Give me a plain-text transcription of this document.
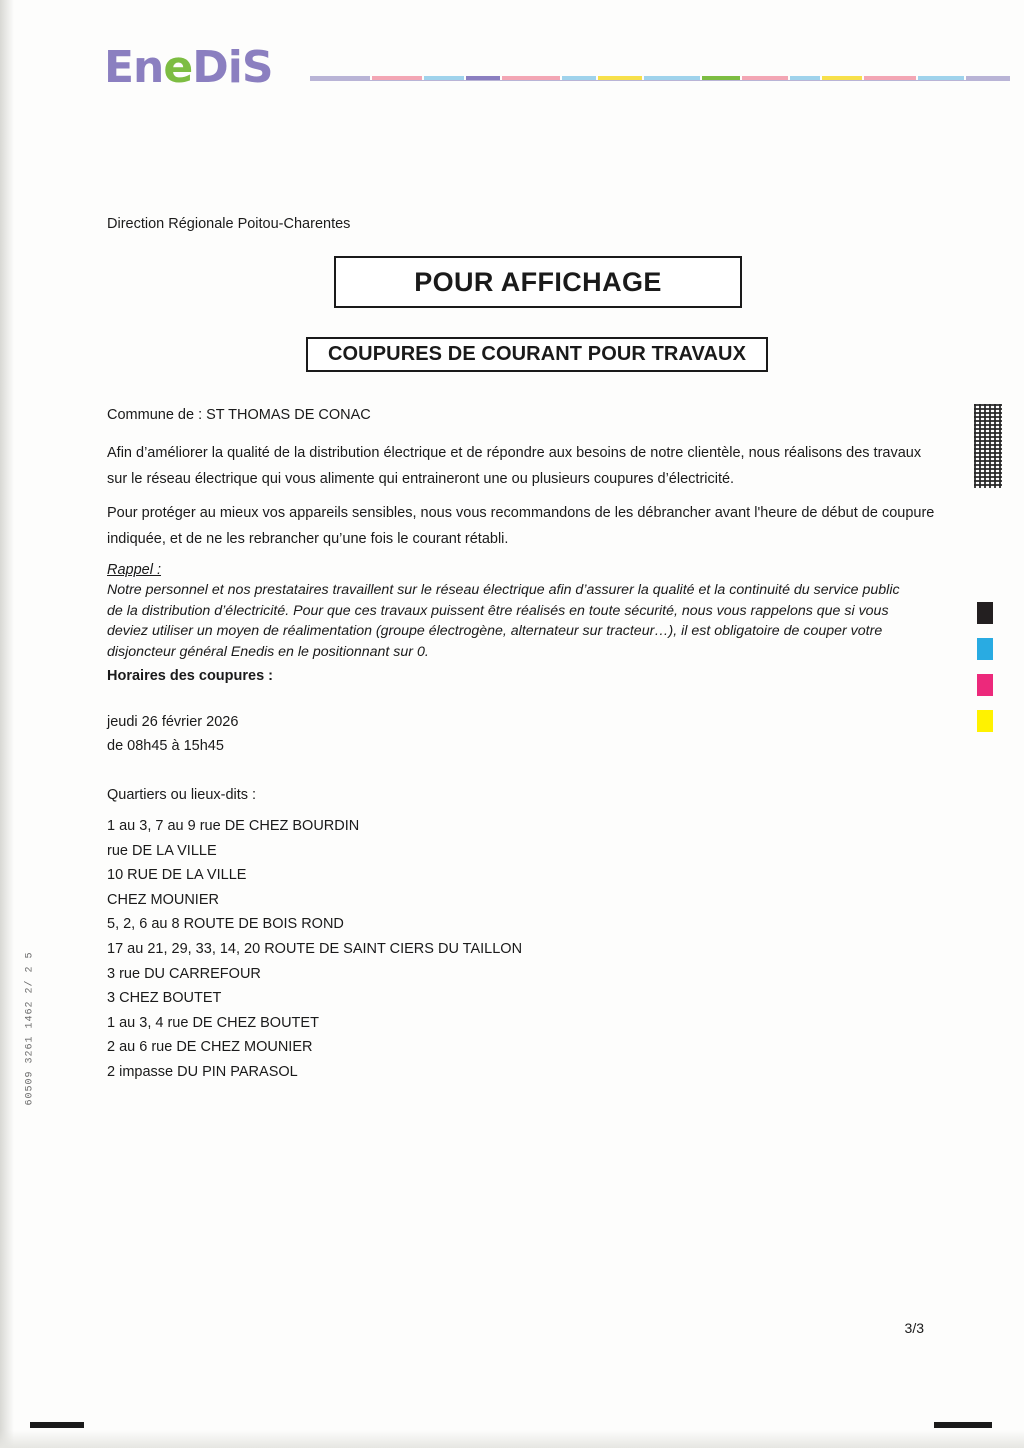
EneDiS
Direction Régionale Poitou-Charentes
POUR AFFICHAGE
COUPURES DE COURANT POUR TRAVAUX
Commune de : ST THOMAS DE CONAC
Afin d’améliorer la qualité de la distribution électrique et de répondre aux besoins de notre clientèle, nous réalisons des travaux sur le réseau électrique qui vous alimente qui entraineront une ou plusieurs coupures d’électricité.
Pour protéger au mieux vos appareils sensibles, nous vous recommandons de les débrancher avant l'heure de début de coupure indiquée, et de ne les rebrancher qu’une fois le courant rétabli.
Rappel :
Notre personnel et nos prestataires travaillent sur le réseau électrique afin d’assurer la qualité et la continuité du service public de la distribution d’électricité. Pour que ces travaux puissent être réalisés en toute sécurité, nous vous rappelons que si vous deviez utiliser un moyen de réalimentation (groupe électrogène, alternateur sur tracteur…), il est obligatoire de couper votre disjoncteur général Enedis en le positionnant sur 0.
Horaires des coupures :
jeudi 26 février 2026
de 08h45 à 15h45
Quartiers ou lieux-dits :
1 au 3, 7 au 9 rue DE CHEZ BOURDIN
rue DE LA VILLE
10 RUE DE LA VILLE
CHEZ MOUNIER
5, 2, 6 au 8 ROUTE DE BOIS ROND
17 au 21, 29, 33, 14, 20 ROUTE DE SAINT CIERS DU TAILLON
3 rue DU CARREFOUR
3 CHEZ BOUTET
1 au 3, 4 rue DE CHEZ BOUTET
2 au 6 rue DE CHEZ MOUNIER
2 impasse DU PIN PARASOL
3/3
60509 3261 1462 2/ 2 5
